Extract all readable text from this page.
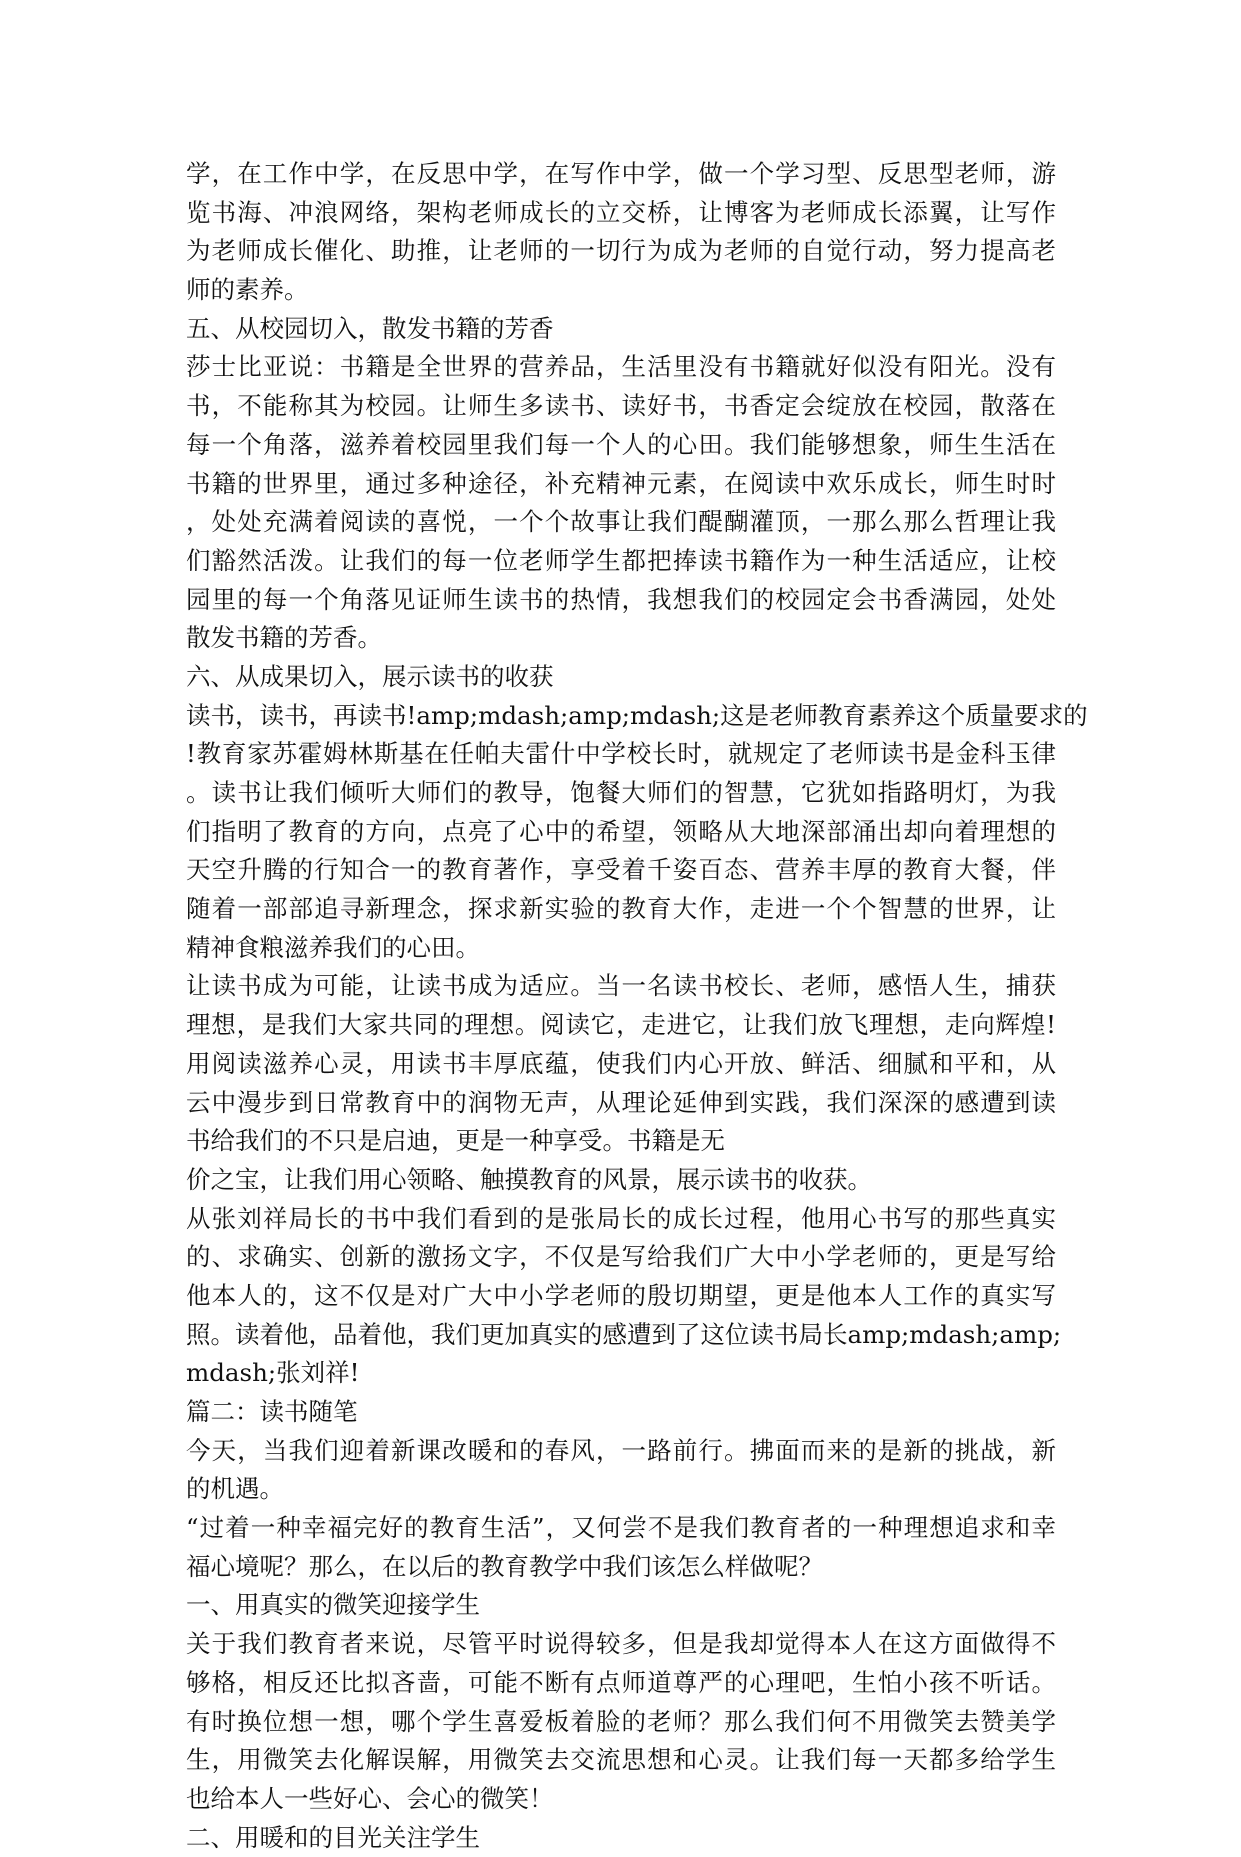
学，在工作中学，在反思中学，在写作中学，做一个学习型、反思型老师，游
览书海、冲浪网络，架构老师成长的立交桥，让博客为老师成长添翼，让写作
为老师成长催化、助推，让老师的一切行为成为老师的自觉行动，努力提高老
师的素养。
五、从校园切入，散发书籍的芳香
莎士比亚说：书籍是全世界的营养品，生活里没有书籍就好似没有阳光。没有
书，不能称其为校园。让师生多读书、读好书，书香定会绽放在校园，散落在
每一个角落，滋养着校园里我们每一个人的心田。我们能够想象，师生生活在
书籍的世界里，通过多种途径，补充精神元素，在阅读中欢乐成长，师生时时
，处处充满着阅读的喜悦，一个个故事让我们醍醐灌顶，一那么那么哲理让我
们豁然活泼。让我们的每一位老师学生都把捧读书籍作为一种生活适应，让校
园里的每一个角落见证师生读书的热情，我想我们的校园定会书香满园，处处
散发书籍的芳香。
六、从成果切入，展示读书的收获
读书，读书，再读书!amp;mdash;amp;mdash;这是老师教育素养这个质量要求的
!教育家苏霍姆林斯基在任帕夫雷什中学校长时，就规定了老师读书是金科玉律
。读书让我们倾听大师们的教导，饱餐大师们的智慧，它犹如指路明灯，为我
们指明了教育的方向，点亮了心中的希望，领略从大地深部涌出却向着理想的
天空升腾的行知合一的教育著作，享受着千姿百态、营养丰厚的教育大餐，伴
随着一部部追寻新理念，探求新实验的教育大作，走进一个个智慧的世界，让
精神食粮滋养我们的心田。
让读书成为可能，让读书成为适应。当一名读书校长、老师，感悟人生，捕获
理想，是我们大家共同的理想。阅读它，走进它，让我们放飞理想，走向辉煌!
用阅读滋养心灵，用读书丰厚底蕴，使我们内心开放、鲜活、细腻和平和，从
云中漫步到日常教育中的润物无声，从理论延伸到实践，我们深深的感遭到读
书给我们的不只是启迪，更是一种享受。书籍是无
价之宝，让我们用心领略、触摸教育的风景，展示读书的收获。
从张刘祥局长的书中我们看到的是张局长的成长过程，他用心书写的那些真实
的、求确实、创新的激扬文字，不仅是写给我们广大中小学老师的，更是写给
他本人的，这不仅是对广大中小学老师的殷切期望，更是他本人工作的真实写
照。读着他，品着他，我们更加真实的感遭到了这位读书局长amp;mdash;amp;
mdash;张刘祥!
篇二：读书随笔
今天，当我们迎着新课改暖和的春风，一路前行。拂面而来的是新的挑战，新
的机遇。
“过着一种幸福完好的教育生活”，又何尝不是我们教育者的一种理想追求和幸
福心境呢？那么，在以后的教育教学中我们该怎么样做呢？
一、用真实的微笑迎接学生
关于我们教育者来说，尽管平时说得较多，但是我却觉得本人在这方面做得不
够格，相反还比拟吝啬，可能不断有点师道尊严的心理吧，生怕小孩不听话。
有时换位想一想，哪个学生喜爱板着脸的老师？那么我们何不用微笑去赞美学
生，用微笑去化解误解，用微笑去交流思想和心灵。让我们每一天都多给学生
也给本人一些好心、会心的微笑！
二、用暖和的目光关注学生
